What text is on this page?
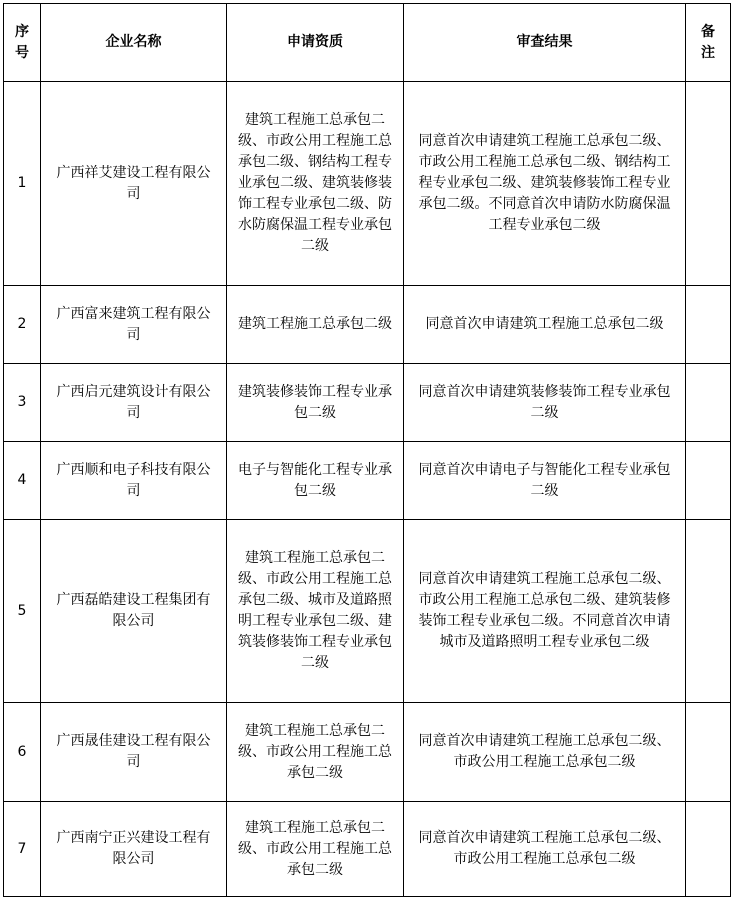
序号	企业名称	申请资质	审查结果	备注
1	广西祥艾建设工程有限公司	建筑工程施工总承包二级、市政公用工程施工总承包二级、钢结构工程专业承包二级、建筑装修装饰工程专业承包二级、防水防腐保温工程专业承包二级	同意首次申请建筑工程施工总承包二级、市政公用工程施工总承包二级、钢结构工程专业承包二级、建筑装修装饰工程专业承包二级。不同意首次申请防水防腐保温工程专业承包二级	
2	广西富来建筑工程有限公司	建筑工程施工总承包二级	同意首次申请建筑工程施工总承包二级	
3	广西启元建筑设计有限公司	建筑装修装饰工程专业承包二级	同意首次申请建筑装修装饰工程专业承包二级	
4	广西顺和电子科技有限公司	电子与智能化工程专业承包二级	同意首次申请电子与智能化工程专业承包二级	
5	广西磊皓建设工程集团有限公司	建筑工程施工总承包二级、市政公用工程施工总承包二级、城市及道路照明工程专业承包二级、建筑装修装饰工程专业承包二级	同意首次申请建筑工程施工总承包二级、市政公用工程施工总承包二级、建筑装修装饰工程专业承包二级。不同意首次申请城市及道路照明工程专业承包二级	
6	广西晟佳建设工程有限公司	建筑工程施工总承包二级、市政公用工程施工总承包二级	同意首次申请建筑工程施工总承包二级、市政公用工程施工总承包二级	
7	广西南宁正兴建设工程有限公司	建筑工程施工总承包二级、市政公用工程施工总承包二级	同意首次申请建筑工程施工总承包二级、市政公用工程施工总承包二级	
